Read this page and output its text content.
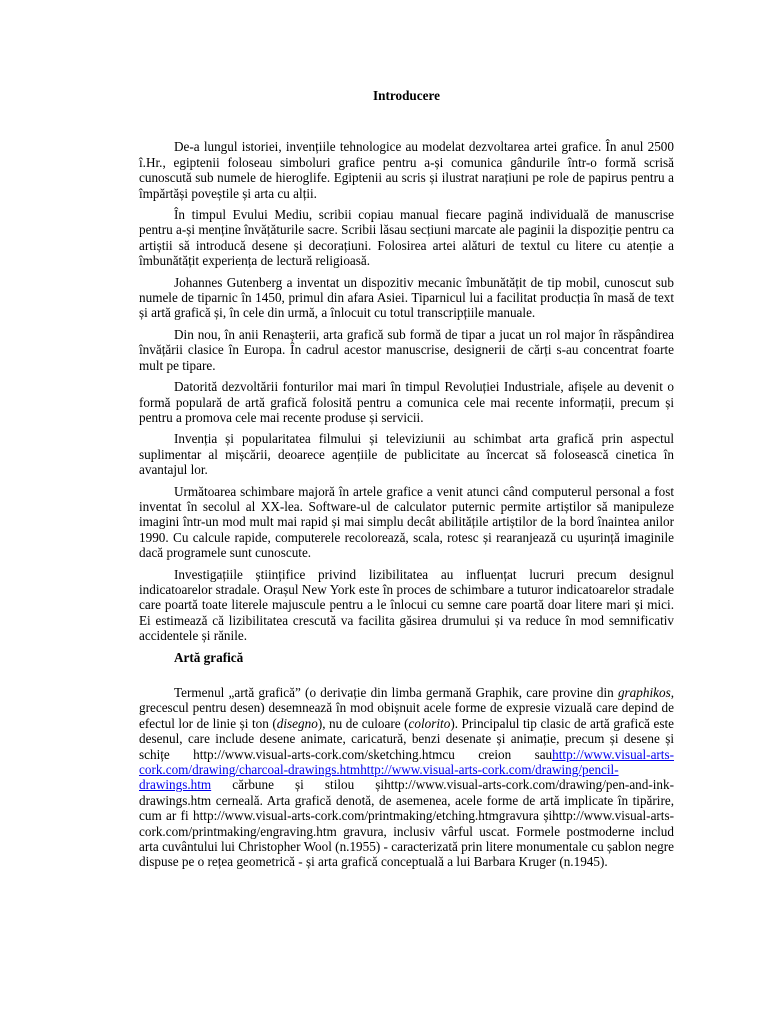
Introducere

De-a lungul istoriei, invențiile tehnologice au modelat dezvoltarea artei grafice. În anul 2500 î.Hr., egiptenii foloseau simboluri grafice pentru a-și comunica gândurile într-o formă scrisă cunoscută sub numele de hieroglife. Egiptenii au scris și ilustrat narațiuni pe role de papirus pentru a împărtăși poveștile și arta cu alții.

În timpul Evului Mediu, scribii copiau manual fiecare pagină individuală de manuscrise pentru a-și menține învățăturile sacre. Scribii lăsau secțiuni marcate ale paginii la dispoziție pentru ca artiștii să introducă desene și decorațiuni. Folosirea artei alături de textul cu litere cu atenție a îmbunătățit experiența de lectură religioasă.

Johannes Gutenberg a inventat un dispozitiv mecanic îmbunătățit de tip mobil, cunoscut sub numele de tiparnic în 1450, primul din afara Asiei. Tiparnicul lui a facilitat producția în masă de text și artă grafică și, în cele din urmă, a înlocuit cu totul transcripțiile manuale.

Din nou, în anii Renașterii, arta grafică sub formă de tipar a jucat un rol major în răspândirea învățării clasice în Europa. În cadrul acestor manuscrise, designerii de cărți s-au concentrat foarte mult pe tipare.

Datorită dezvoltării fonturilor mai mari în timpul Revoluției Industriale, afișele au devenit o formă populară de artă grafică folosită pentru a comunica cele mai recente informații, precum și pentru a promova cele mai recente produse și servicii.

Invenția și popularitatea filmului și televiziunii au schimbat arta grafică prin aspectul suplimentar al mișcării, deoarece agențiile de publicitate au încercat să folosească cinetica în avantajul lor.

Următoarea schimbare majoră în artele grafice a venit atunci când computerul personal a fost inventat în secolul al XX-lea. Software-ul de calculator puternic permite artiștilor să manipuleze imagini într-un mod mult mai rapid și mai simplu decât abilitățile artiștilor de la bord înaintea anilor 1990. Cu calcule rapide, computerele recolorează, scala, rotesc și rearanjează cu ușurință imaginile dacă programele sunt cunoscute.

Investigațiile științifice privind lizibilitatea au influențat lucruri precum designul indicatoarelor stradale. Orașul New York este în proces de schimbare a tuturor indicatoarelor stradale care poartă toate literele majuscule pentru a le înlocui cu semne care poartă doar litere mari și mici. Ei estimează că lizibilitatea crescută va facilita găsirea drumului și va reduce în mod semnificativ accidentele și rănile.

Artă grafică

Termenul „artă grafică” (o derivație din limba germană Graphik, care provine din graphikos, grecescul pentru desen) desemnează în mod obișnuit acele forme de expresie vizuală care depind de efectul lor de linie și ton (disegno), nu de culoare (colorito). Principalul tip clasic de artă grafică este desenul, care include desene animate, caricatură, benzi desenate și animație, precum și desene și schițe http://www.visual-arts-cork.com/sketching.htmcu creion sauhttp://www.visual-arts-cork.com/drawing/charcoal-drawings.htmhttp://www.visual-arts-cork.com/drawing/pencil-drawings.htm cărbune și stilou șihttp://www.visual-arts-cork.com/drawing/pen-and-ink-drawings.htm cerneală. Arta grafică denotă, de asemenea, acele forme de artă implicate în tipărire, cum ar fi http://www.visual-arts-cork.com/printmaking/etching.htmgravura șihttp://www.visual-arts-cork.com/printmaking/engraving.htm gravura, inclusiv vârful uscat. Formele postmoderne includ arta cuvântului lui Christopher Wool (n.1955) - caracterizată prin litere monumentale cu șablon negre dispuse pe o rețea geometrică - și arta grafică conceptuală a lui Barbara Kruger (n.1945).
